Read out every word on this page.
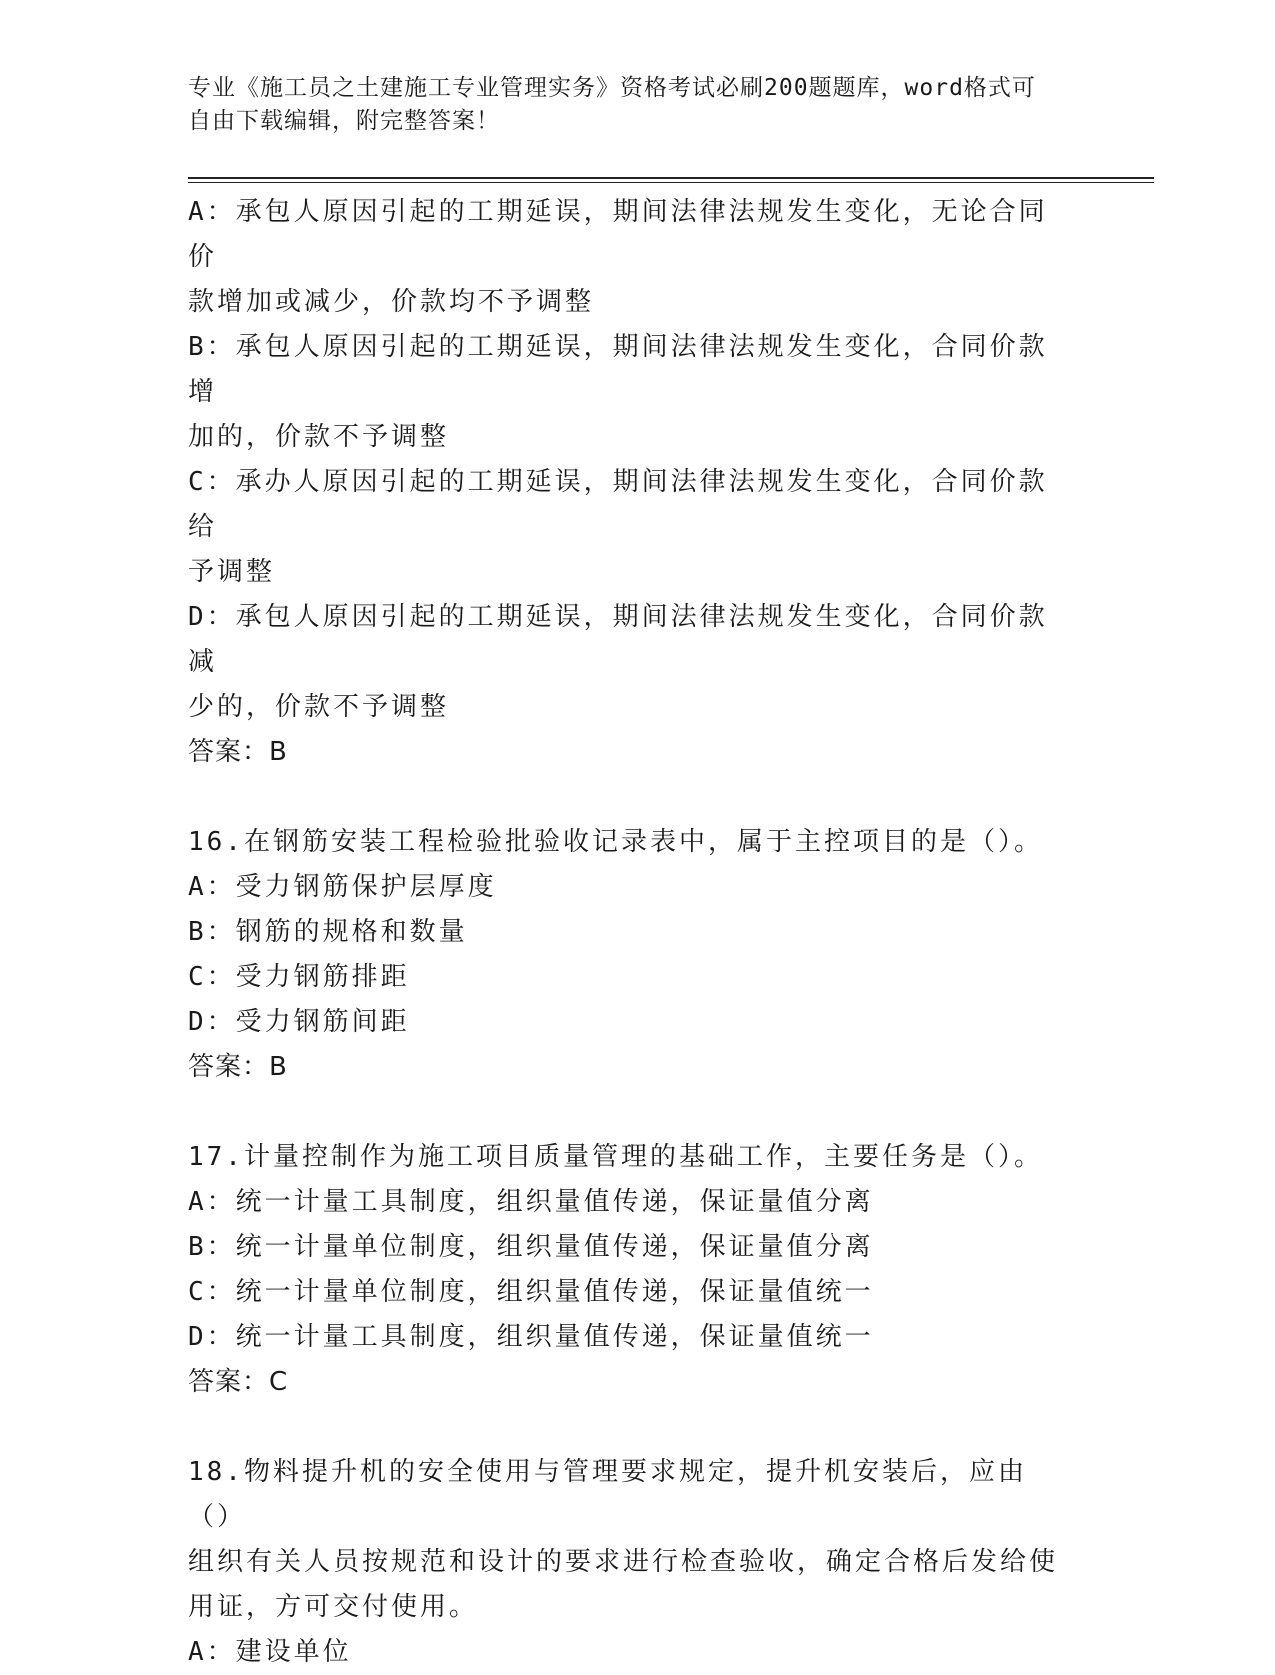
专业《施工员之土建施工专业管理实务》资格考试必刷200题题库，word格式可
自由下载编辑，附完整答案！

A：承包人原因引起的工期延误，期间法律法规发生变化，无论合同价

款增加或减少，价款均不予调整

B：承包人原因引起的工期延误，期间法律法规发生变化，合同价款增

加的，价款不予调整

C：承办人原因引起的工期延误，期间法律法规发生变化，合同价款给

予调整

D：承包人原因引起的工期延误，期间法律法规发生变化，合同价款减

少的，价款不予调整

答案：B

16.在钢筋安装工程检验批验收记录表中，属于主控项目的是（）。

A：受力钢筋保护层厚度

B：钢筋的规格和数量

C：受力钢筋排距

D：受力钢筋间距

答案：B

17.计量控制作为施工项目质量管理的基础工作，主要任务是（）。

A：统一计量工具制度，组织量值传递，保证量值分离

B：统一计量单位制度，组织量值传递，保证量值分离

C：统一计量单位制度，组织量值传递，保证量值统一

D：统一计量工具制度，组织量值传递，保证量值统一

答案：C

18.物料提升机的安全使用与管理要求规定，提升机安装后，应由（）

组织有关人员按规范和设计的要求进行检查验收，确定合格后发给使

用证，方可交付使用。

A：建设单位
